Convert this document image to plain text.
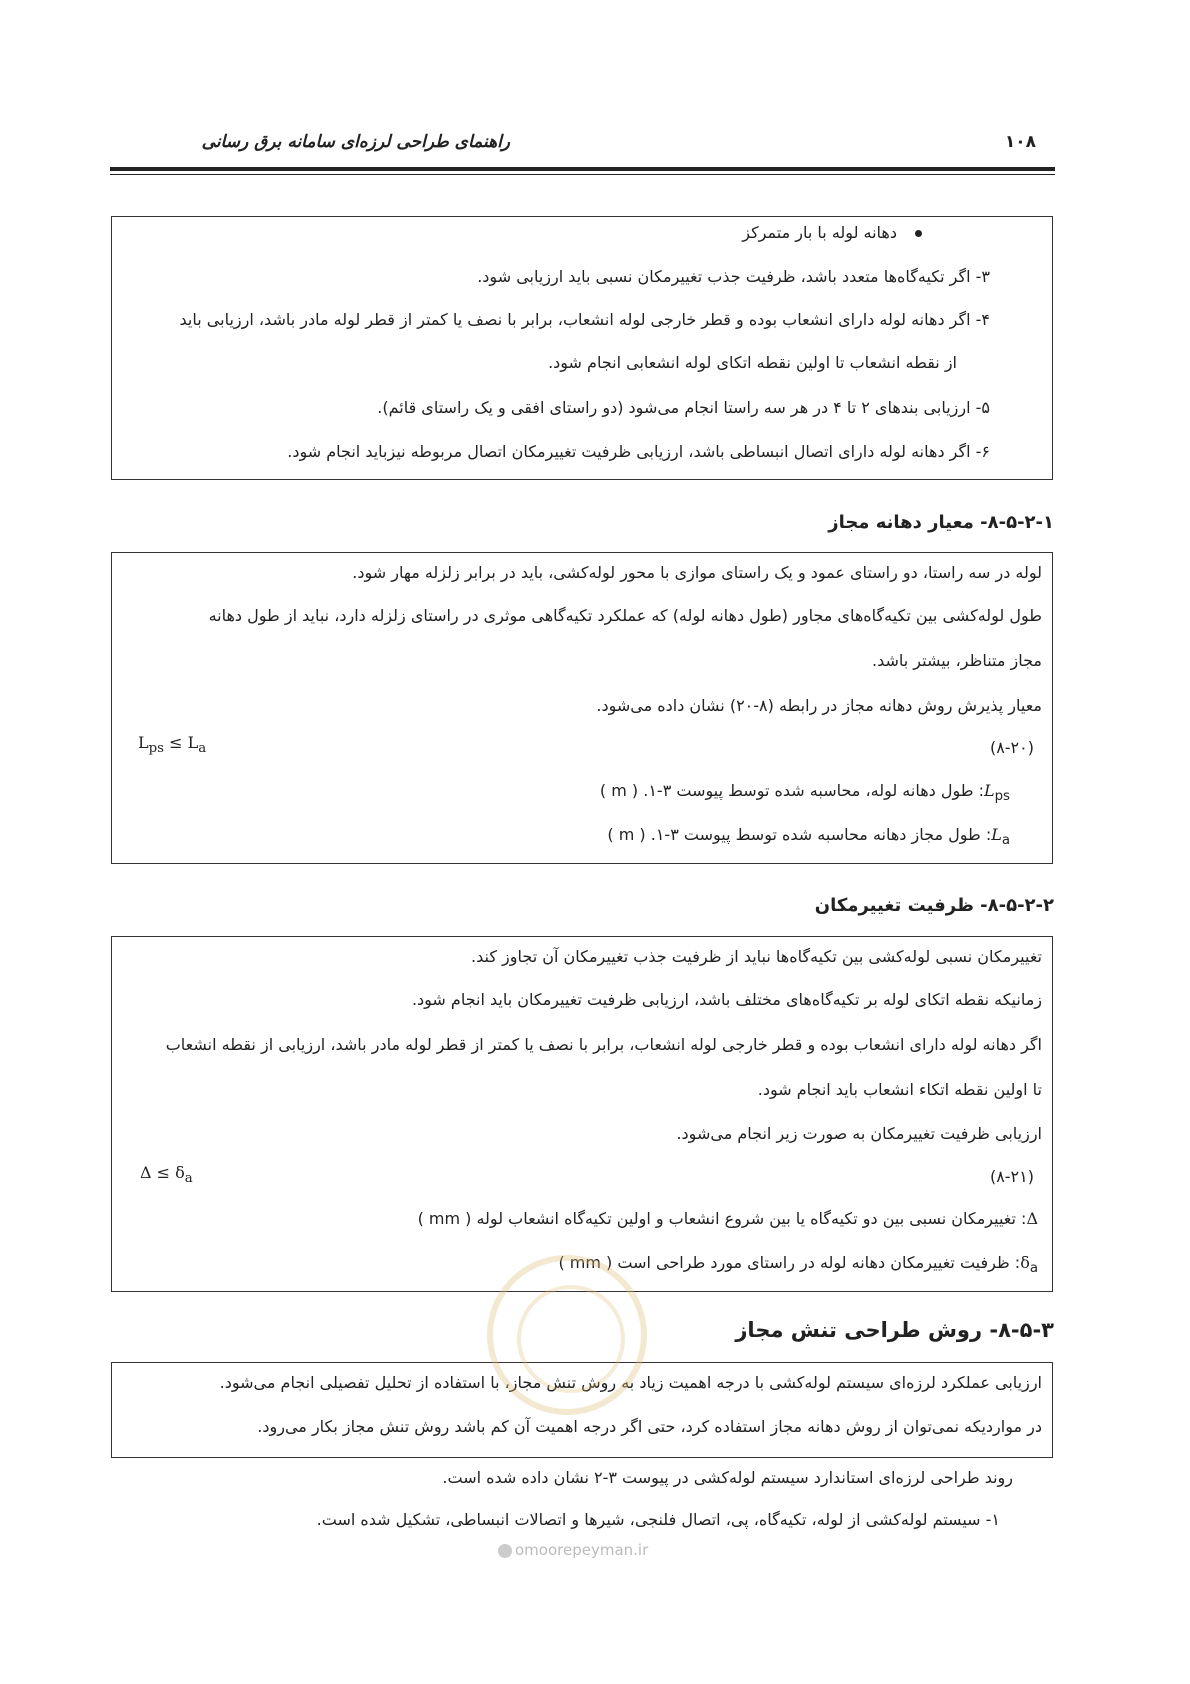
راهنمای طراحی لرزه‌ای سامانه برق رسانی	۱۰۸
دهانه لوله با بار متمرکز
۳- اگر تکیه‌گاه‌ها متعدد باشد، ظرفیت جذب تغییرمکان نسبی باید ارزیابی شود.
۴- اگر دهانه لوله دارای انشعاب بوده و قطر خارجی لوله انشعاب، برابر با نصف یا کمتر از قطر لوله مادر باشد، ارزیابی باید
از نقطه انشعاب تا اولین نقطه اتکای لوله انشعابی انجام شود.
۵- ارزیابی بندهای ۲ تا ۴ در هر سه راستا انجام می‌شود (دو راستای افقی و یک راستای قائم).
۶- اگر دهانه لوله دارای اتصال انبساطی باشد، ارزیابی ظرفیت تغییرمکان اتصال مربوطه نیزباید انجام شود.
۸-۵-۲-۱- معیار دهانه مجاز
لوله در سه راستا، دو راستای عمود و یک راستای موازی با محور لوله‌کشی، باید در برابر زلزله مهار شود.
طول لوله‌کشی بین تکیه‌گاه‌های مجاور (طول دهانه لوله) که عملکرد تکیه‌گاهی موثری در راستای زلزله دارد، نباید از طول دهانه
مجاز متناظر، بیشتر باشد.
معیار پذیرش روش دهانه مجاز در رابطه (۸-۲۰) نشان داده می‌شود.
(۸-۲۰)
$L_{ps} \le L_a$
$L_{ps}$: طول دهانه لوله، محاسبه شده توسط پیوست ۳-۱. ( m )
$L_a$: طول مجاز دهانه محاسبه شده توسط پیوست ۳-۱. ( m )
۸-۵-۲-۲- ظرفیت تغییرمکان
تغییرمکان نسبی لوله‌کشی بین تکیه‌گاه‌ها نباید از ظرفیت جذب تغییرمکان آن تجاوز کند.
زمانیکه نقطه اتکای لوله بر تکیه‌گاه‌های مختلف باشد، ارزیابی ظرفیت تغییرمکان باید انجام شود.
اگر دهانه لوله دارای انشعاب بوده و قطر خارجی لوله انشعاب، برابر با نصف یا کمتر از قطر لوله مادر باشد، ارزیابی از نقطه انشعاب
تا اولین نقطه اتکاء انشعاب باید انجام شود.
ارزیابی ظرفیت تغییرمکان به صورت زیر انجام می‌شود.
(۸-۲۱)
$\Delta \le \delta_a$
Δ: تغییرمکان نسبی بین دو تکیه‌گاه یا بین شروع انشعاب و اولین تکیه‌گاه انشعاب لوله ( mm )
$\delta_a$: ظرفیت تغییرمکان دهانه لوله در راستای مورد طراحی است ( mm )
۸-۵-۳- روش طراحی تنش مجاز
ارزیابی عملکرد لرزه‌ای سیستم لوله‌کشی با درجه اهمیت زیاد به روش تنش مجاز، با استفاده از تحلیل تفصیلی انجام می‌شود.
در مواردیکه نمی‌توان از روش دهانه مجاز استفاده کرد، حتی اگر درجه اهمیت آن کم باشد روش تنش مجاز بکار می‌رود.
روند طراحی لرزه‌ای استاندارد سیستم لوله‌کشی در پیوست ۳-۲ نشان داده شده است.
۱- سیستم لوله‌کشی از لوله، تکیه‌گاه، پی، اتصال فلنجی، شیرها و اتصالات انبساطی، تشکیل شده است.
omoorepeyman.ir
